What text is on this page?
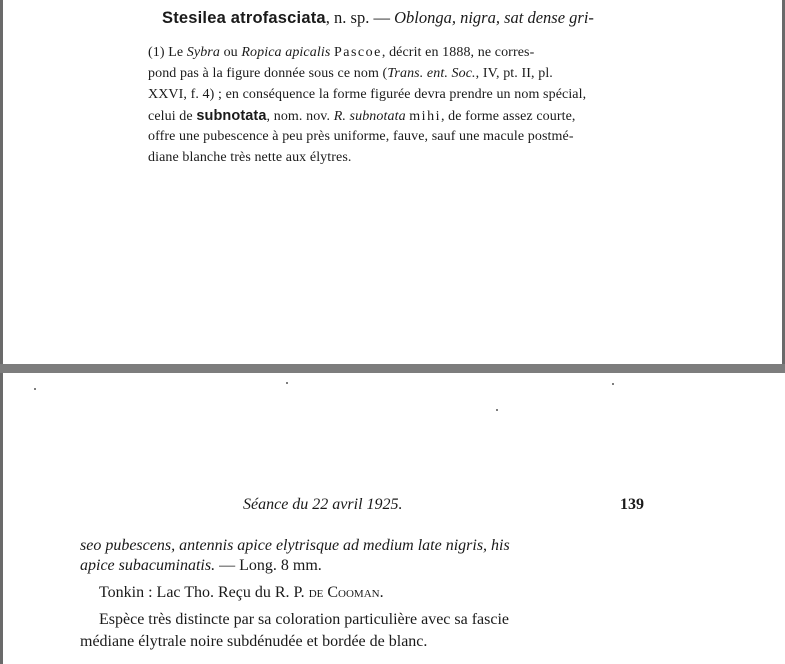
Stesilea atrofasciata, n. sp. — Oblonga, nigra, sat dense gri-
(1) Le Sybra ou Ropica apicalis Pascoe, décrit en 1888, ne corres-
pond pas à la figure donnée sous ce nom (Trans. ent. Soc., IV, pt. II, pl.
XXVI, f. 4) ; en conséquence la forme figurée devra prendre un nom spécial,
celui de subnotata, nom. nov. R. subnotata mihi, de forme assez courte,
offre une pubescence à peu près uniforme, fauve, sauf une macule postmé-
diane blanche très nette aux élytres.
Séance du 22 avril 1925.	139
seo pubescens, antennis apice elytrisque ad medium late nigris, his
apice subacuminatis. — Long. 8 mm.
Tonkin : Lac Tho. Reçu du R. P. de Cooman.
Espèce très distincte par sa coloration particulière avec sa fascie
médiane élytrale noire subdénudée et bordée de blanc.
